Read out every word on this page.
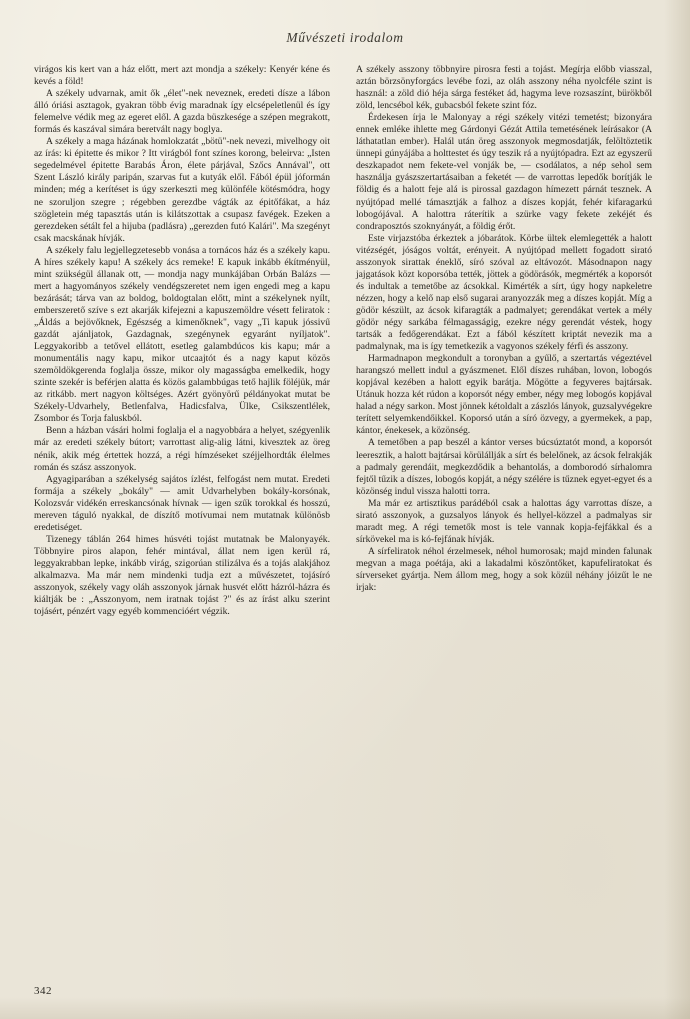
Művészeti irodalom

virágos kis kert van a ház előtt, mert azt mondja a székely: Kenyér kéne és kevés a föld!

A székely udvarnak, amit ők „élet"-nek neveznek, eredeti dísze a lábon álló óriási asztagok, gyakran több évig maradnak így elcsépeletlenül és így felemelve védik meg az egeret elől. A gazda büszkesége a szépen megrakott, formás és kaszával simára beretvált nagy boglya.

A székely a maga házának homlokzatát „bötü"-nek nevezi, mivelhogy oit az írás: ki épitette és mikor ? Itt virágból font színes korong, beleirva: „Isten segedelmével épitette Barabás Áron, élete párjával, Szőcs Annával", ott Szent László király paripán, szarvas fut a kutyák elől. Fából épül jóformán minden; még a kerítéset is úgy szerkeszti meg különféle kötésmódra, hogy ne szoruljon szegre ; régebben gerezdbe vágták az épitőfákat, a ház szögletein még tapasztás után is kilátszottak a csupasz favégek. Ezeken a gerezdeken sétált fel a hijuba (padlásra) „gerezden futó Kalári". Ma szegényt csak macskának hívják.

A székely falu legjellegzetesebb vonása a tornácos ház és a székely kapu. A híres székely kapu! A székely ács remeke! E kapuk inkább ékítményül, mint szükségül állanak ott, — mondja nagy munkájában Orbán Balázs — mert a hagyományos székely vendégszeretet nem igen engedi meg a kapu bezárását; tárva van az boldog, boldogtalan előtt, mint a székelynek nyílt, emberszerető szíve s ezt akarják kifejezni a kapuszemöldre vésett feliratok : „Áldás a bejövőknek, Egészség a kimenőknek", vagy „Ti kapuk jóssivű gazdát ajánljatok, Gazdagnak, szegénynek egyaránt nyíljatok". Leggyakoribb a tetővel ellátott, esetleg galambdúcos kis kapu; már a monumentális nagy kapu, mikor utcaajtót és a nagy kaput közös szemöldökgerenda foglalja össze, mikor oly magasságba emelkedik, hogy szinte szekér is beférjen alatta és közös galambbúgas tető hajlik föléjük, már az ritkább. mert nagyon költséges. Azért gyönyörű példányokat mutat be Székely-Udvarhely, Betlenfalva, Hadicsfalva, Ülke, Csikszentlélek, Zsombor és Torja faluskból.

Benn a házban vásári holmi foglalja el a nagyobbára a helyet, szégyenlik már az eredeti székely bútort; varrottast alig-alig látni, kivesztek az öreg nénik, akik még értettek hozzá, a régi hímzéseket széjjelhordták élelmes román és szász asszonyok.

Agyagiparában a székelység sajátos ízlést, felfogást nem mutat. Eredeti formája a székely „bokály" — amit Udvarhelyben bokály-korsónak, Kolozsvár vidékén erreskancsónak hívnak — igen szűk torokkal és hosszú, mereven táguló nyakkal, de díszítő motívumai nem mutatnak különösb eredetiséget.

Tizenegy táblán 264 himes húsvéti tojást mutatnak be Malonyayék. Többnyire piros alapon, fehér mintával, állat nem igen kerül rá, leggyakrabban lepke, inkább virág, szigorúan stilizálva és a tojás alakjához alkalmazva. Ma már nem mindenki tudja ezt a művészetet, tojásíró asszonyok, székely vagy oláh asszonyok járnak husvét előtt házról-házra és kiáltják be : „Asszonyom, nem iratnak tojást ?" és az írást alku szerint tojásért, pénzért vagy egyéb kommencióért végzik.

A székely asszony többnyire pirosra festi a tojást. Megírja előbb viasszal, aztán börzsönyforgács levébe fozi, az oláh asszony néha nyolcféle szint is használ: a zöld dió héja sárga festéket ád, hagyma leve rozsaszínt, bürökből zöld, lencsébol kék, gubacsból fekete szint fóz.

Érdekesen írja le Malonyay a régi székely vitézi temetést; bizonyára ennek emléke ihlette meg Gárdonyi Gézát Attila temetésének leírásakor (A láthatatlan ember). Halál után öreg asszonyok megmosdatják, felöltöztetik ünnepi gúnyájába a holttestet és úgy teszik rá a nyújtópadra. Ezt az egyszerű deszkapadot nem fekete-vel vonják be, — csodálatos, a nép sehol sem használja gyászszertartásaiban a feketét — de varrottas lepedők borítják le földig és a halott feje alá is pirossal gazdagon hímezett párnát tesznek. A nyújtópad mellé támasztják a falhoz a díszes kopját, fehér kifaragarkú lobogójával. A halottra ráterítik a szürke vagy fekete zekéjét és condraposztós szoknyányát, a földig érőt.

Este virjazstóba érkeztek a jóbarátok. Körbe ültek elemlegették a halott vitézségét, jóságos voltát, erényeit. A nyújtópad mellett fogadott sirató asszonyok sirattak éneklő, síró szóval az eltávozót. Másodnapon nagy jajgatások közt koporsóba tették, jöttek a gödörásók, megmérték a koporsót és indultak a temetőbe az ácsokkal. Kimérték a sírt, úgy hogy napkeletre nézzen, hogy a kelő nap első sugarai aranyozzák meg a díszes kopját. Míg a gödör készült, az ácsok kifaragták a padmalyet; gerendákat vertek a mély gödör négy sarkába félmagasságig, ezekre négy gerendát véstek, hogy tartsák a fedőgerendákat. Ezt a fából készített kriptát nevezik ma a padmalynak, ma is így temetkezik a vagyonos székely férfi és asszony.

Harmadnapon megkondult a toronyban a gyűlő, a szertartás végeztével harangszó mellett indul a gyászmenet. Elől díszes ruhában, lovon, lobogós kopjával kezében a halott egyik barátja. Mögötte a fegyveres bajtársak. Utánuk hozza két rúdon a koporsót négy ember, négy meg lobogós kopjával halad a négy sarkon. Most jönnek kétoldalt a zászlós lányok, guzsalyvégekre terített selyemkendőikkel. Koporsó után a síró özvegy, a gyermekek, a pap, kántor, énekesek, a közönség.

A temetőben a pap beszél a kántor verses búcsúztatót mond, a koporsót leeresztik, a halott bajtársai körülállják a sírt és belelőnek, az ácsok felrakják a padmaly gerendáit, megkezdődik a behantolás, a domborodó sírhalomra fejtől tűzik a díszes, lobogós kopját, a négy szélére is tűznek egyet-egyet és a közönség indul vissza halotti torra.

Ma már ez artisztikus parádéból csak a halottas ágy varrottas dísze, a sirató asszonyok, a guzsalyos lányok és hellyel-közzel a padmalyas sir maradt meg. A régi temetők most is tele vannak kopja-fejfákkal és a sírkövekel ma is kó-fejfának hívják.

A sírfeliratok néhol érzelmesek, néhol humorosak; majd minden falunak megvan a maga poétája, aki a lakadalmi köszöntőket, kapufeliratokat és sírverseket gyártja. Nem állom meg, hogy a sok közül néhány jóizűt le ne irjak:

342
